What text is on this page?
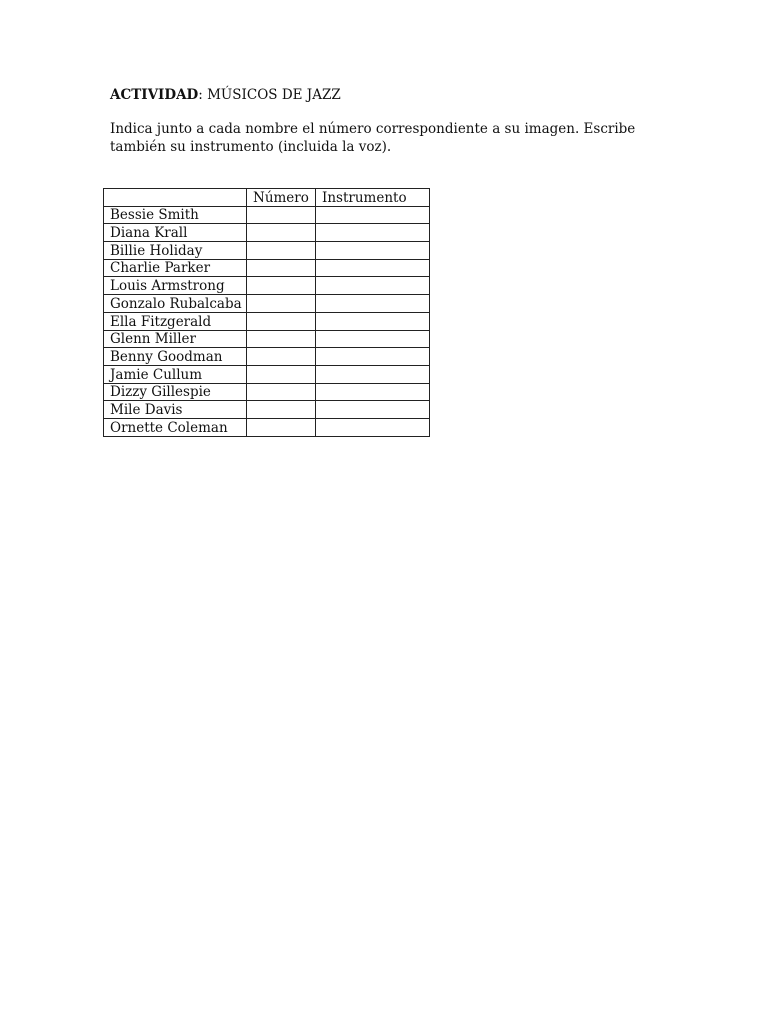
ACTIVIDAD: MÚSICOS DE JAZZ
Indica junto a cada nombre el número correspondiente a su imagen. Escribe
también su instrumento (incluida la voz).
	Número	Instrumento
Bessie Smith		
Diana Krall		
Billie Holiday		
Charlie Parker		
Louis Armstrong		
Gonzalo Rubalcaba		
Ella Fitzgerald		
Glenn Miller		
Benny Goodman		
Jamie Cullum		
Dizzy Gillespie		
Mile Davis		
Ornette Coleman		
